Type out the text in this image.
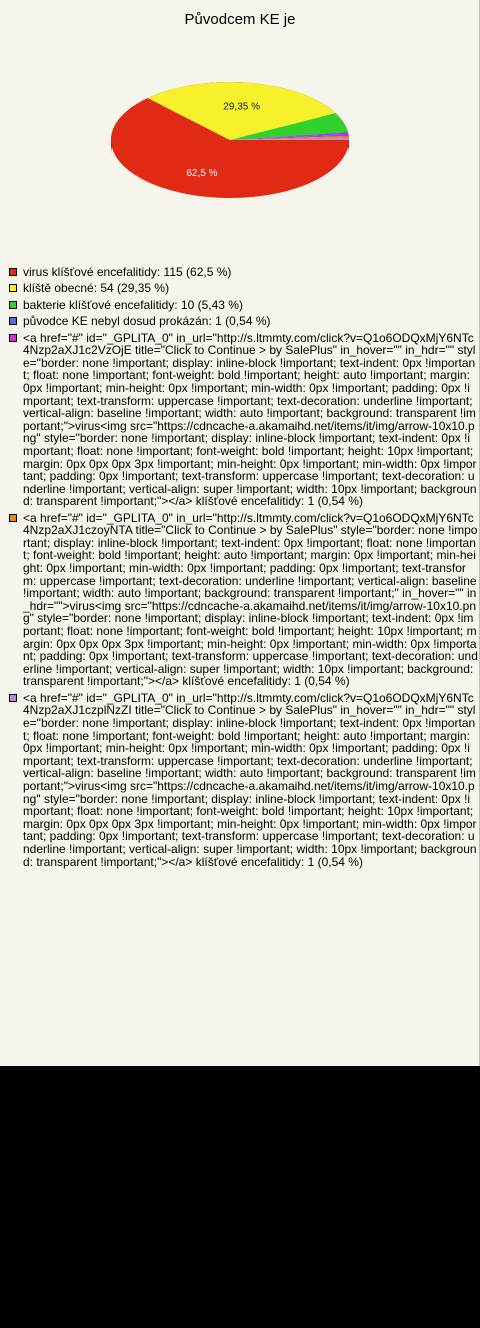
Původcem KE je
62,5 %
29,35 %
virus klíšťové encefalitidy: 115 (62,5 %)
klíště obecné: 54 (29,35 %)
bakterie klíšťové encefalitidy: 10 (5,43 %)
původce KE nebyl dosud prokázán: 1 (0,54 %)
<a href="#" id="_GPLITA_0" in_url="http://s.ltmmty.com/click?v=Q1o6ODQxMjY6NTc4Nzp2aXJ1c2VzOjE title="Click to Continue > by SalePlus" in_hover="" in_hdr="" style="border: none !important; display: inline-block !important; text-indent: 0px !important; float: none !important; font-weight: bold !important; height: auto !important; margin: 0px !important; min-height: 0px !important; min-width: 0px !important; padding: 0px !important; text-transform: uppercase !important; text-decoration: underline !important; vertical-align: baseline !important; width: auto !important; background: transparent !important;">virus<img src="https://cdncache-a.akamaihd.net/items/it/img/arrow-10x10.png" style="border: none !important; display: inline-block !important; text-indent: 0px !important; float: none !important; font-weight: bold !important; height: 10px !important; margin: 0px 0px 0px 3px !important; min-height: 0px !important; min-width: 0px !important; padding: 0px !important; text-transform: uppercase !important; text-decoration: underline !important; vertical-align: super !important; width: 10px !important; background: transparent !important;"></a> klíšťové encefalitidy: 1 (0,54 %)
<a href="#" id="_GPLITA_0" in_url="http://s.ltmmty.com/click?v=Q1o6ODQxMjY6NTc4Nzp2aXJ1czoyNTA title="Click to Continue > by SalePlus" style="border: none !important; display: inline-block !important; text-indent: 0px !important; float: none !important; font-weight: bold !important; height: auto !important; margin: 0px !important; min-height: 0px !important; min-width: 0px !important; padding: 0px !important; text-transform: uppercase !important; text-decoration: underline !important; vertical-align: baseline !important; width: auto !important; background: transparent !important;" in_hover="" in_hdr="">virus<img src="https://cdncache-a.akamaihd.net/items/it/img/arrow-10x10.png" style="border: none !important; display: inline-block !important; text-indent: 0px !important; float: none !important; font-weight: bold !important; height: 10px !important; margin: 0px 0px 0px 3px !important; min-height: 0px !important; min-width: 0px !important; padding: 0px !important; text-transform: uppercase !important; text-decoration: underline !important; vertical-align: super !important; width: 10px !important; background: transparent !important;"></a> klíšťové encefalitidy: 1 (0,54 %)
<a href="#" id="_GPLITA_0" in_url="http://s.ltmmty.com/click?v=Q1o6ODQxMjY6NTc4Nzp2aXJ1czplNzZI title="Click to Continue > by SalePlus" in_hover="" in_hdr="" style="border: none !important; display: inline-block !important; text-indent: 0px !important; float: none !important; font-weight: bold !important; height: auto !important; margin: 0px !important; min-height: 0px !important; min-width: 0px !important; padding: 0px !important; text-transform: uppercase !important; text-decoration: underline !important; vertical-align: baseline !important; width: auto !important; background: transparent !important;">virus<img src="https://cdncache-a.akamaihd.net/items/it/img/arrow-10x10.png" style="border: none !important; display: inline-block !important; text-indent: 0px !important; float: none !important; font-weight: bold !important; height: 10px !important; margin: 0px 0px 0px 3px !important; min-height: 0px !important; min-width: 0px !important; padding: 0px !important; text-transform: uppercase !important; text-decoration: underline !important; vertical-align: super !important; width: 10px !important; background: transparent !important;"></a> klíšťové encefalitidy: 1 (0,54 %)
